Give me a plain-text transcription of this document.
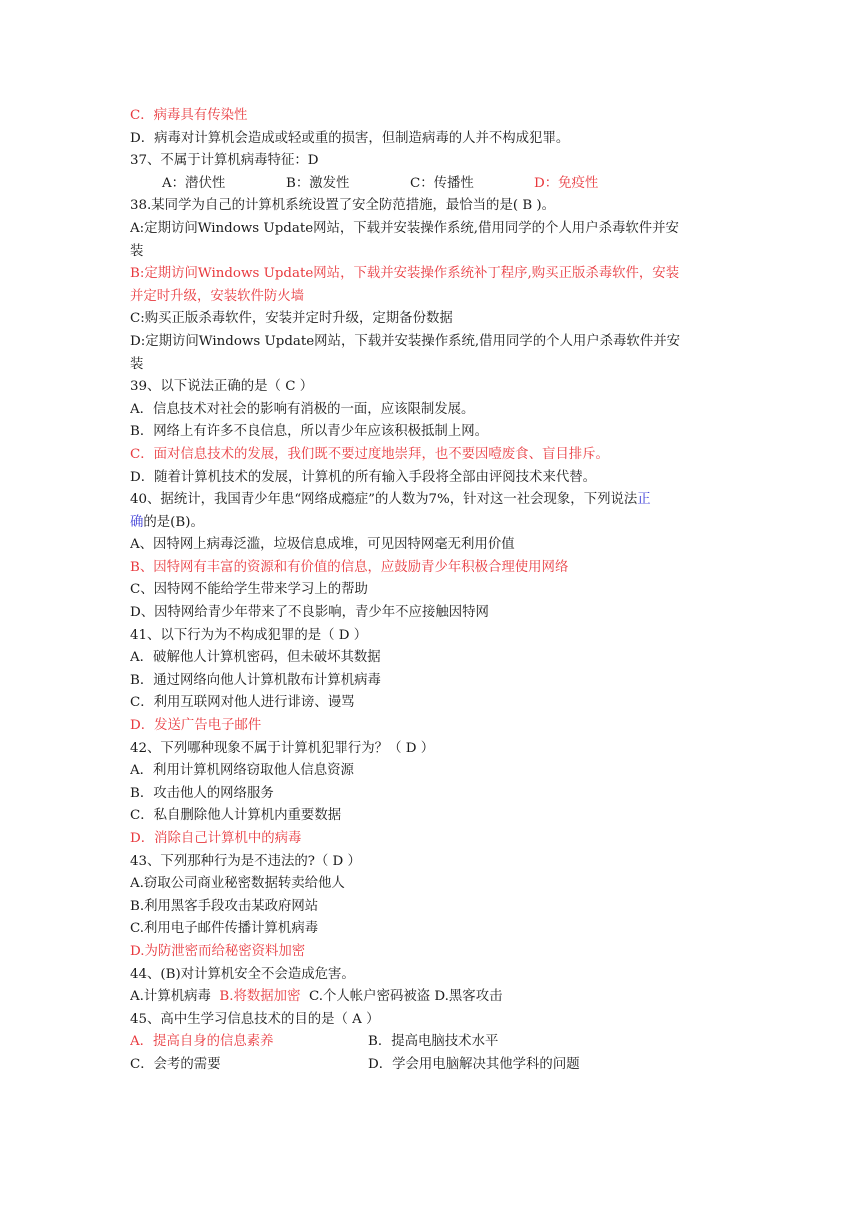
C．病毒具有传染性
D．病毒对计算机会造成或轻或重的损害，但制造病毒的人并不构成犯罪。
37、不属于计算机病毒特征：D
A：潜伏性	B：激发性	C：传播性	D：免疫性
38.某同学为自己的计算机系统设置了安全防范措施，最恰当的是( B )。
A:定期访问Windows Update网站，下载并安装操作系统,借用同学的个人用户杀毒软件并安
装
B:定期访问Windows Update网站，下载并安装操作系统补丁程序,购买正版杀毒软件，安装
并定时升级，安装软件防火墙
C:购买正版杀毒软件，安装并定时升级，定期备份数据
D:定期访问Windows Update网站，下载并安装操作系统,借用同学的个人用户杀毒软件并安
装
39、以下说法正确的是（ C ）
A．信息技术对社会的影响有消极的一面，应该限制发展。
B．网络上有许多不良信息，所以青少年应该积极抵制上网。
C．面对信息技术的发展，我们既不要过度地崇拜，也不要因噎废食、盲目排斥。
D．随着计算机技术的发展，计算机的所有输入手段将全部由评阅技术来代替。
40、据统计，我国青少年患“网络成瘾症”的人数为7%，针对这一社会现象，下列说法正
确的是(B)。
A、因特网上病毒泛滥，垃圾信息成堆，可见因特网毫无利用价值
B、因特网有丰富的资源和有价值的信息，应鼓励青少年积极合理使用网络
C、因特网不能给学生带来学习上的帮助
D、因特网给青少年带来了不良影响，青少年不应接触因特网
41、以下行为为不构成犯罪的是（ D ）
A．破解他人计算机密码，但未破坏其数据
B．通过网络向他人计算机散布计算机病毒
C．利用互联网对他人进行诽谤、谩骂
D．发送广告电子邮件
42、下列哪种现象不属于计算机犯罪行为？（ D ）
A．利用计算机网络窃取他人信息资源
B．攻击他人的网络服务
C．私自删除他人计算机内重要数据
D．消除自己计算机中的病毒
43、下列那种行为是不违法的?（ D ）
A.窃取公司商业秘密数据转卖给他人
B.利用黑客手段攻击某政府网站
C.利用电子邮件传播计算机病毒
D.为防泄密而给秘密资料加密
44、(B)对计算机安全不会造成危害。
A.计算机病毒 B.将数据加密 C.个人帐户密码被盗 D.黑客攻击
45、高中生学习信息技术的目的是（ A ）
A．提高自身的信息素养	B．提高电脑技术水平
C．会考的需要	D．学会用电脑解决其他学科的问题
